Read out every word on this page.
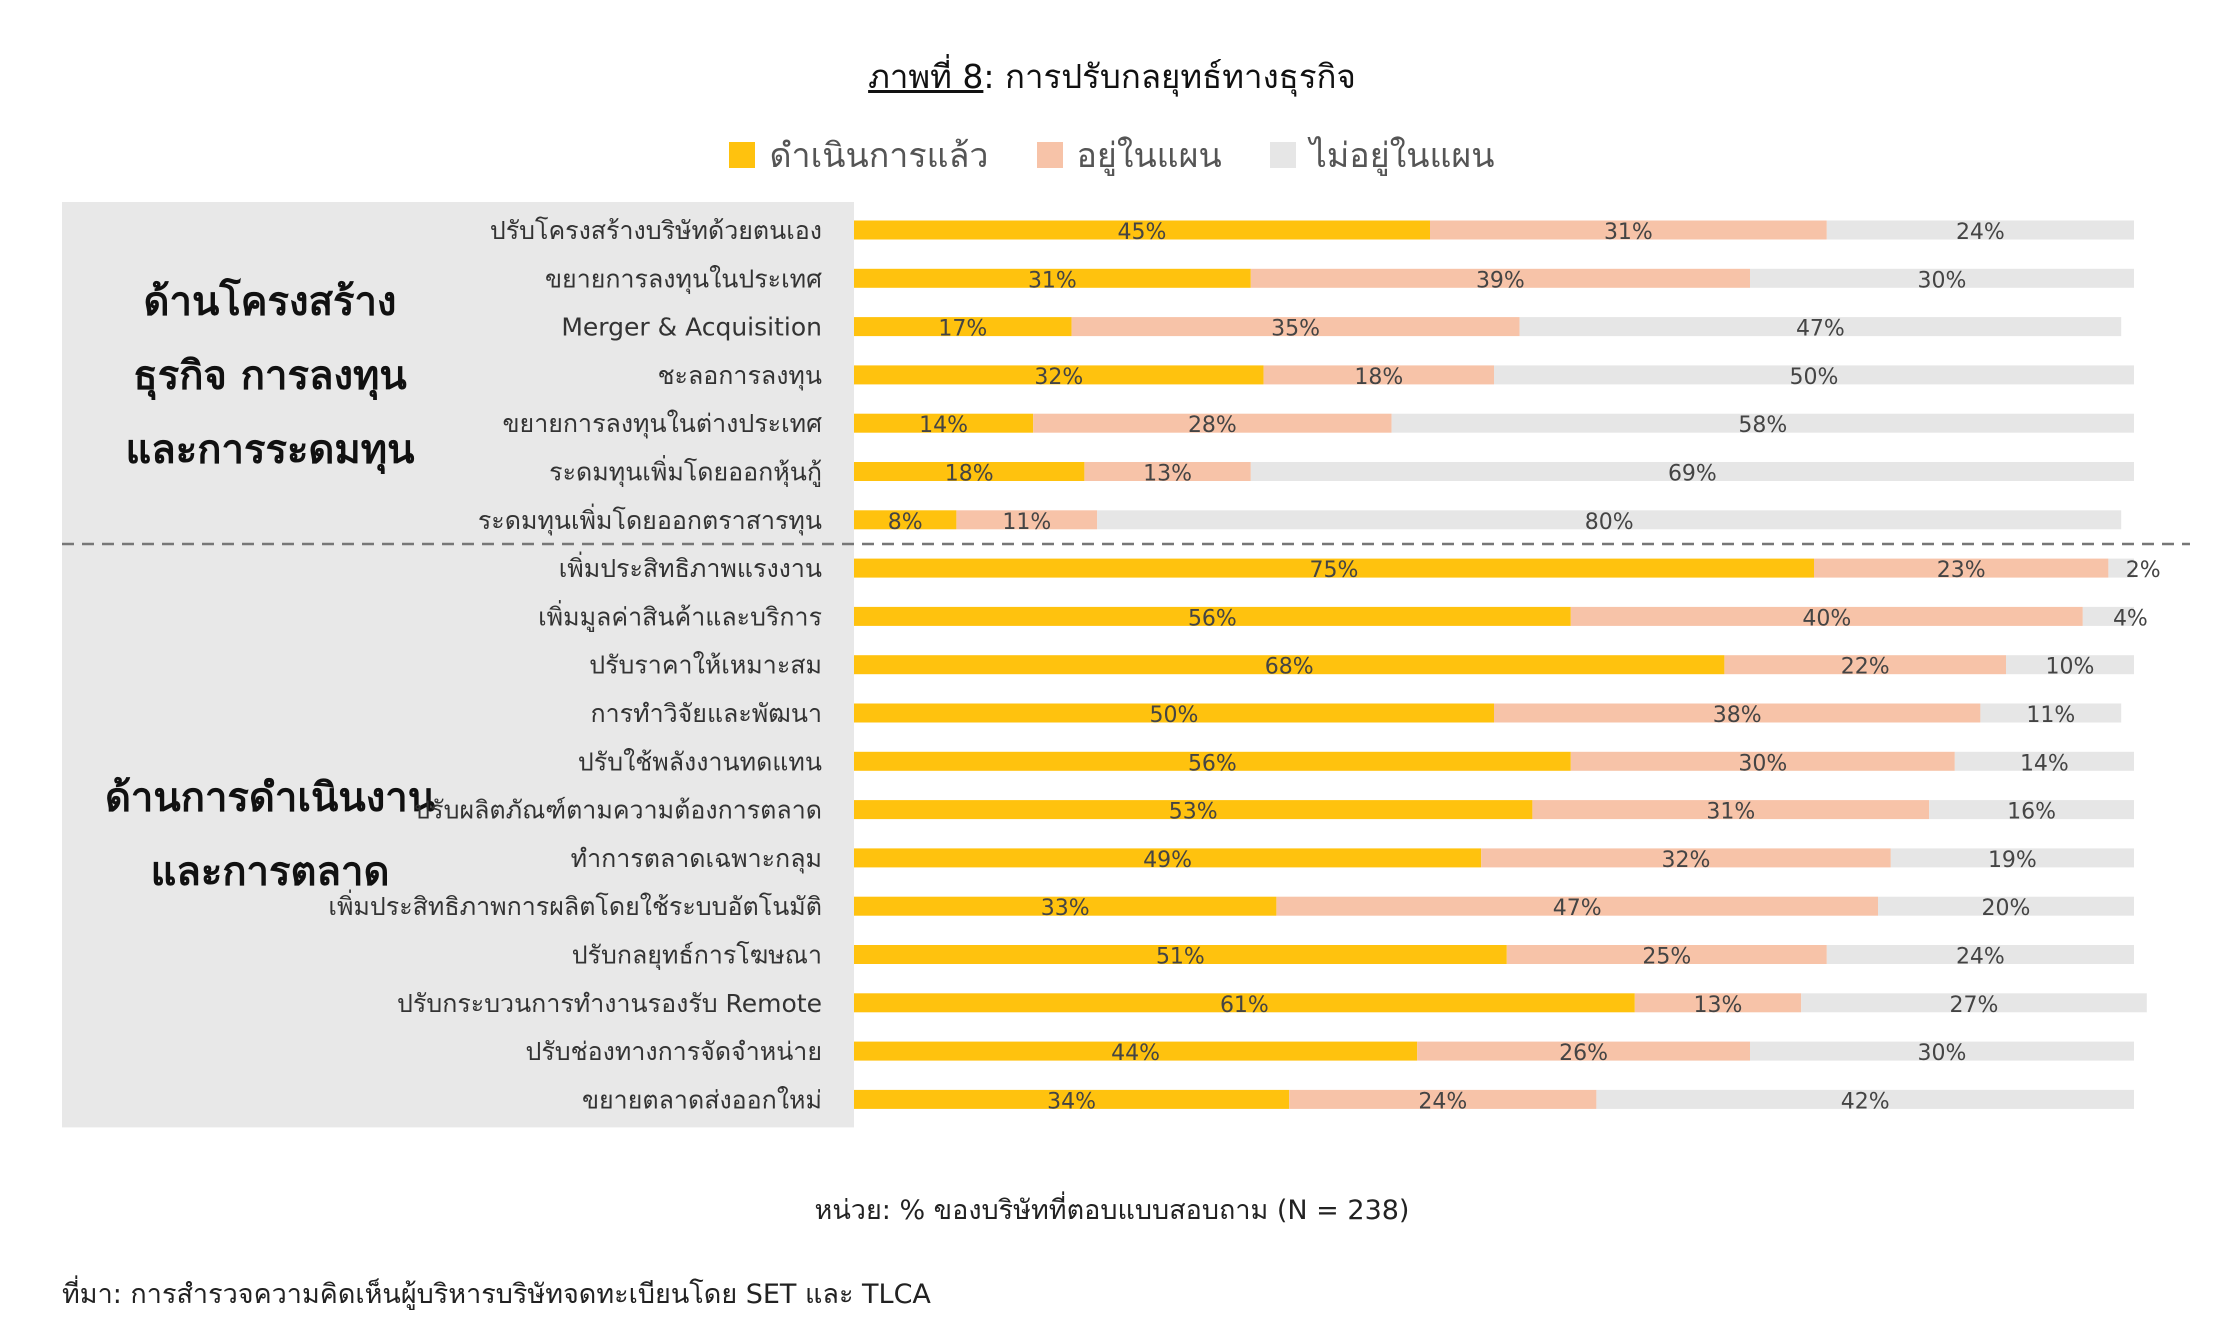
ภาพที่ 8: การปรับกลยุทธ์ทางธุรกิจ
ดำเนินการแล้ว	อยู่ในแผน	ไม่อยู่ในแผน
ด้านโครงสร้าง
ธุรกิจ การลงทุน
และการระดมทุน
ด้านการดำเนินงาน
และการตลาด
ปรับโครงสร้างบริษัทด้วยตนเอง	45%	31%	24%
ขยายการลงทุนในประเทศ	31%	39%	30%
Merger & Acquisition	17%	35%	47%
ชะลอการลงทุน	32%	18%	50%
ขยายการลงทุนในต่างประเทศ	14%	28%	58%
ระดมทุนเพิ่มโดยออกหุ้นกู้	18%	13%	69%
ระดมทุนเพิ่มโดยออกตราสารทุน	8%	11%	80%
เพิ่มประสิทธิภาพแรงงาน	75%	23%	2%
เพิ่มมูลค่าสินค้าและบริการ	56%	40%	4%
ปรับราคาให้เหมาะสม	68%	22%	10%
การทำวิจัยและพัฒนา	50%	38%	11%
ปรับใช้พลังงานทดแทน	56%	30%	14%
ปรับผลิตภัณฑ์ตามความต้องการตลาด	53%	31%	16%
ทำการตลาดเฉพาะกลุม	49%	32%	19%
เพิ่มประสิทธิภาพการผลิตโดยใช้ระบบอัตโนมัติ	33%	47%	20%
ปรับกลยุทธ์การโฆษณา	51%	25%	24%
ปรับกระบวนการทำงานรองรับ Remote	61%	13%	27%
ปรับช่องทางการจัดจำหน่าย	44%	26%	30%
ขยายตลาดส่งออกใหม่	34%	24%	42%
หน่วย: % ของบริษัทที่ตอบแบบสอบถาม (N = 238)
ที่มา: การสำรวจความคิดเห็นผู้บริหารบริษัทจดทะเบียนโดย SET และ TLCA
